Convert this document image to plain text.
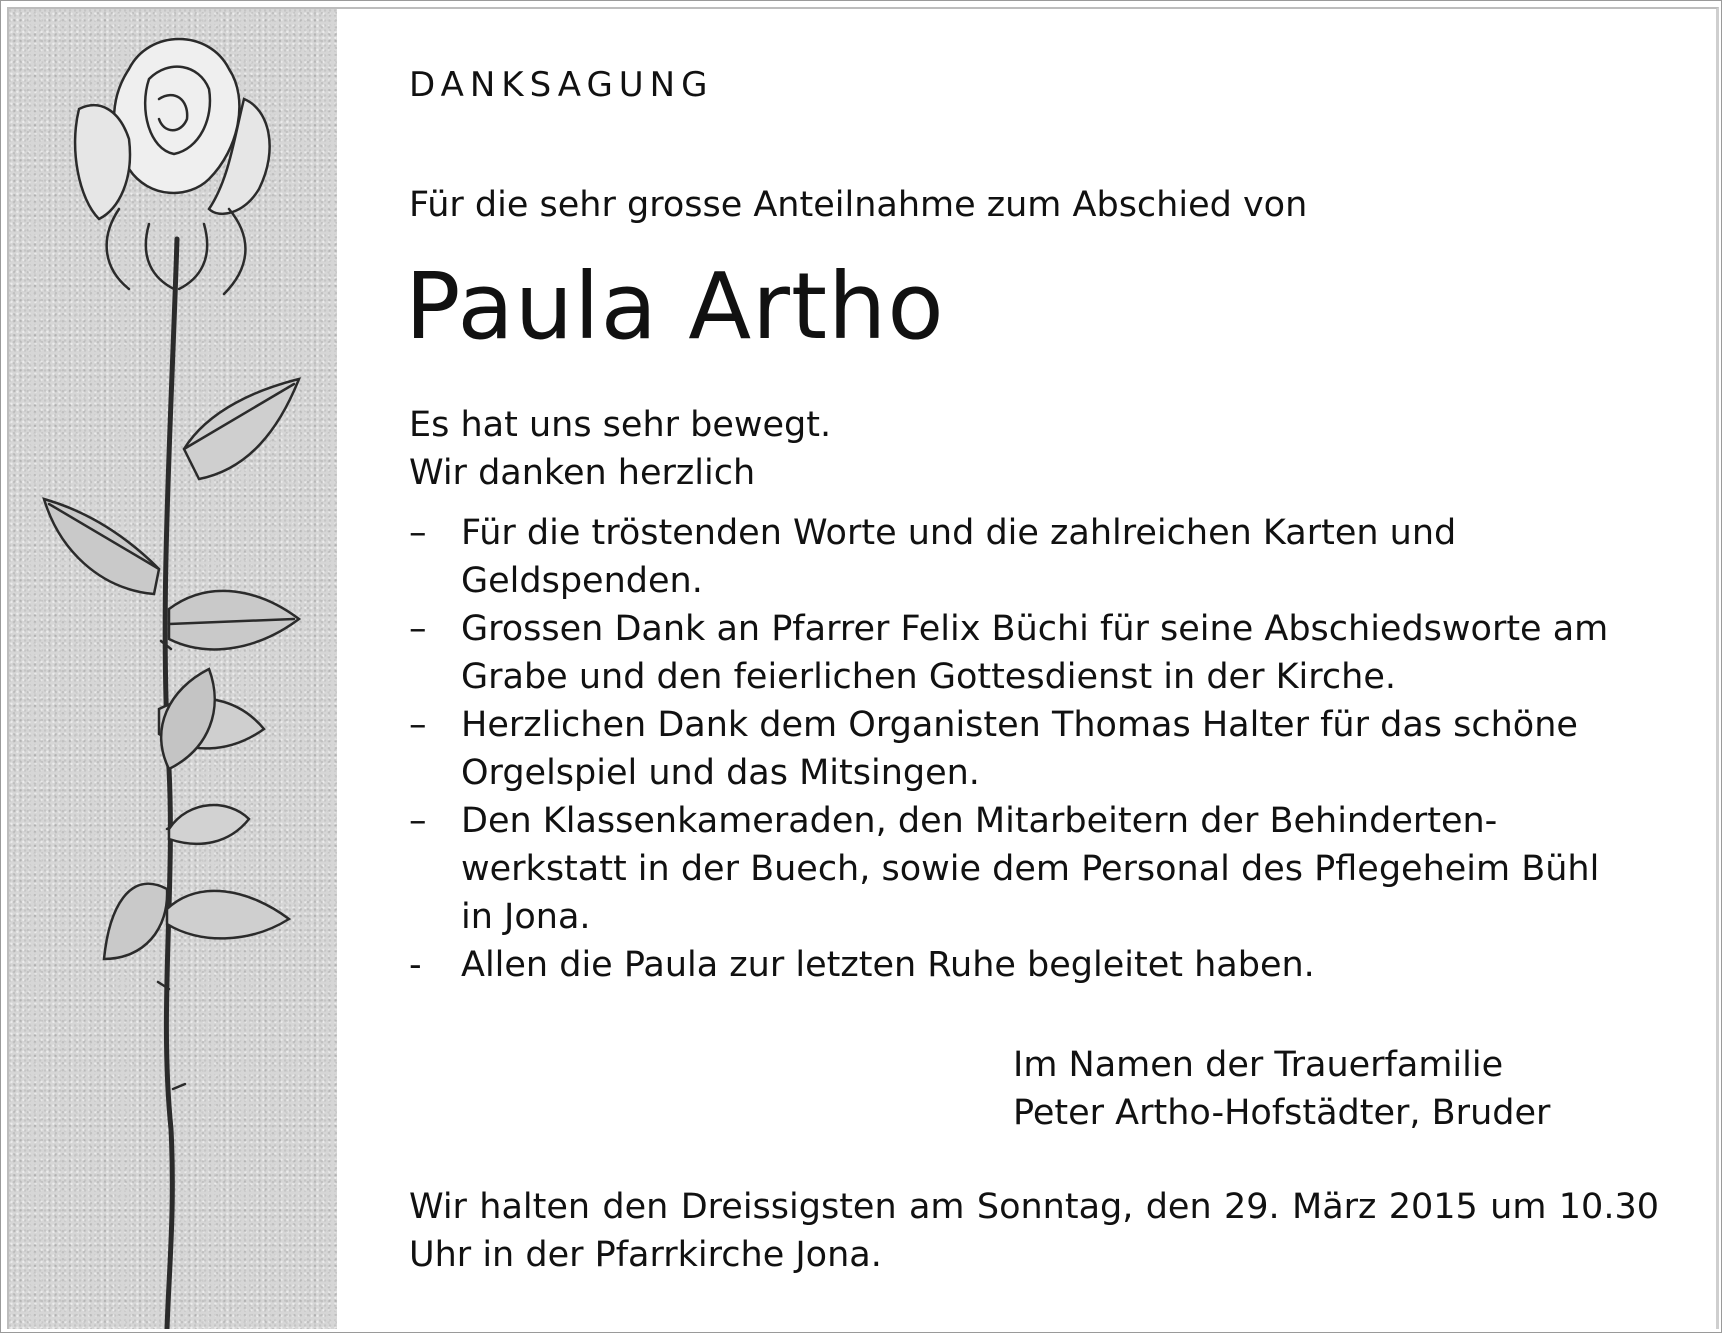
DANKSAGUNG
Für die sehr grosse Anteilnahme zum Abschied von
Paula Artho
Es hat uns sehr bewegt.
Wir danken herzlich
– Für die tröstenden Worte und die zahlreichen Karten und Geldspenden.
– Grossen Dank an Pfarrer Felix Büchi für seine Abschiedsworte am Grabe und den feierlichen Gottesdienst in der Kirche.
– Herzlichen Dank dem Organisten Thomas Halter für das schöne Orgelspiel und das Mitsingen.
– Den Klassenkameraden, den Mitarbeitern der Behinderten-werkstatt in der Buech, sowie dem Personal des Pflegeheim Bühl in Jona.
-	Allen die Paula zur letzten Ruhe begleitet haben.
Im Namen der Trauerfamilie
Peter Artho-Hofstädter, Bruder
Wir halten den Dreissigsten am Sonntag, den 29. März 2015 um 10.30 Uhr in der Pfarrkirche Jona.
